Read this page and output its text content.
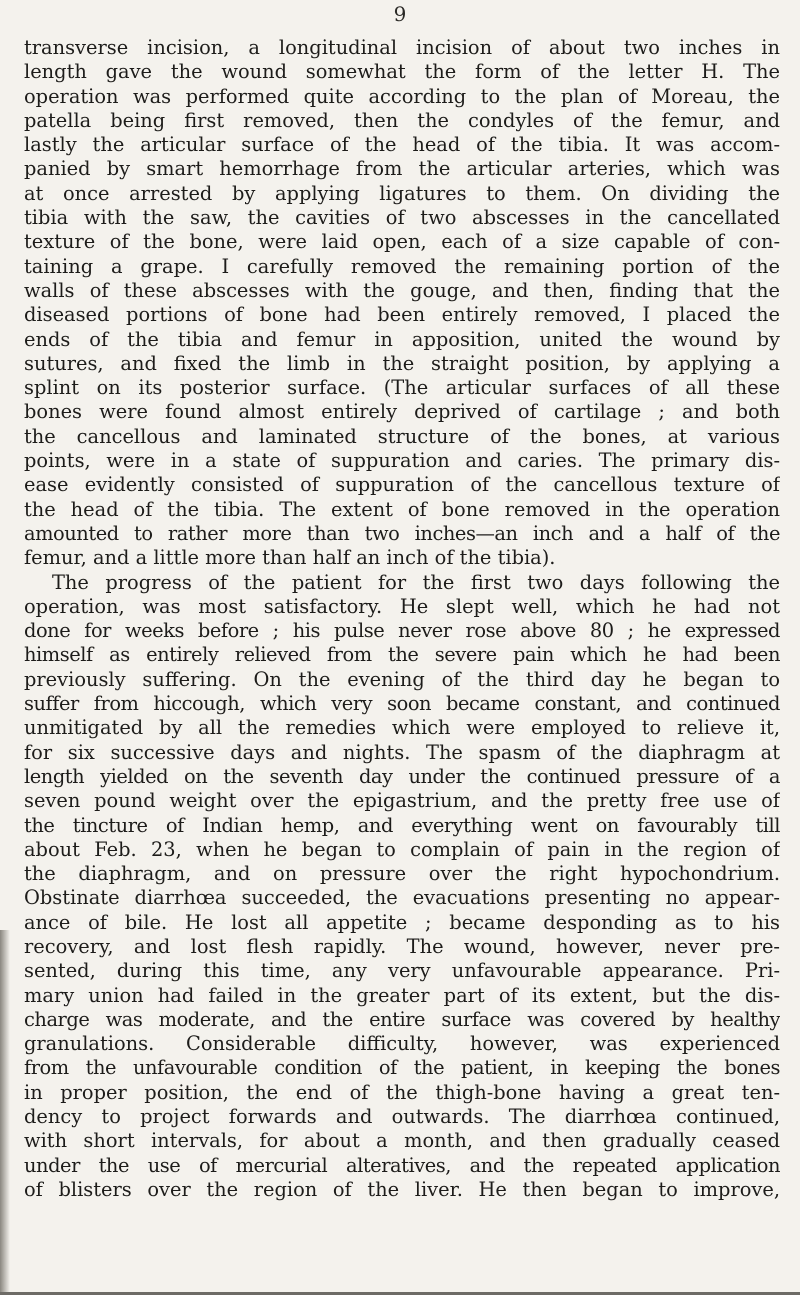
9
transverse incision, a longitudinal incision of about two inches in
length gave the wound somewhat the form of the letter H. The
operation was performed quite according to the plan of Moreau, the
patella being first removed, then the condyles of the femur, and
lastly the articular surface of the head of the tibia. It was accom-
panied by smart hemorrhage from the articular arteries, which was
at once arrested by applying ligatures to them. On dividing the
tibia with the saw, the cavities of two abscesses in the cancellated
texture of the bone, were laid open, each of a size capable of con-
taining a grape. I carefully removed the remaining portion of the
walls of these abscesses with the gouge, and then, finding that the
diseased portions of bone had been entirely removed, I placed the
ends of the tibia and femur in apposition, united the wound by
sutures, and fixed the limb in the straight position, by applying a
splint on its posterior surface. (The articular surfaces of all these
bones were found almost entirely deprived of cartilage ; and both
the cancellous and laminated structure of the bones, at various
points, were in a state of suppuration and caries. The primary dis-
ease evidently consisted of suppuration of the cancellous texture of
the head of the tibia. The extent of bone removed in the operation
amounted to rather more than two inches—an inch and a half of the
femur, and a little more than half an inch of the tibia).
The progress of the patient for the first two days following the
operation, was most satisfactory. He slept well, which he had not
done for weeks before ; his pulse never rose above 80 ; he expressed
himself as entirely relieved from the severe pain which he had been
previously suffering. On the evening of the third day he began to
suffer from hiccough, which very soon became constant, and continued
unmitigated by all the remedies which were employed to relieve it,
for six successive days and nights. The spasm of the diaphragm at
length yielded on the seventh day under the continued pressure of a
seven pound weight over the epigastrium, and the pretty free use of
the tincture of Indian hemp, and everything went on favourably till
about Feb. 23, when he began to complain of pain in the region of
the diaphragm, and on pressure over the right hypochondrium.
Obstinate diarrhœa succeeded, the evacuations presenting no appear-
ance of bile. He lost all appetite ; became desponding as to his
recovery, and lost flesh rapidly. The wound, however, never pre-
sented, during this time, any very unfavourable appearance. Pri-
mary union had failed in the greater part of its extent, but the dis-
charge was moderate, and the entire surface was covered by healthy
granulations. Considerable difficulty, however, was experienced
from the unfavourable condition of the patient, in keeping the bones
in proper position, the end of the thigh-bone having a great ten-
dency to project forwards and outwards. The diarrhœa continued,
with short intervals, for about a month, and then gradually ceased
under the use of mercurial alteratives, and the repeated application
of blisters over the region of the liver. He then began to improve,
